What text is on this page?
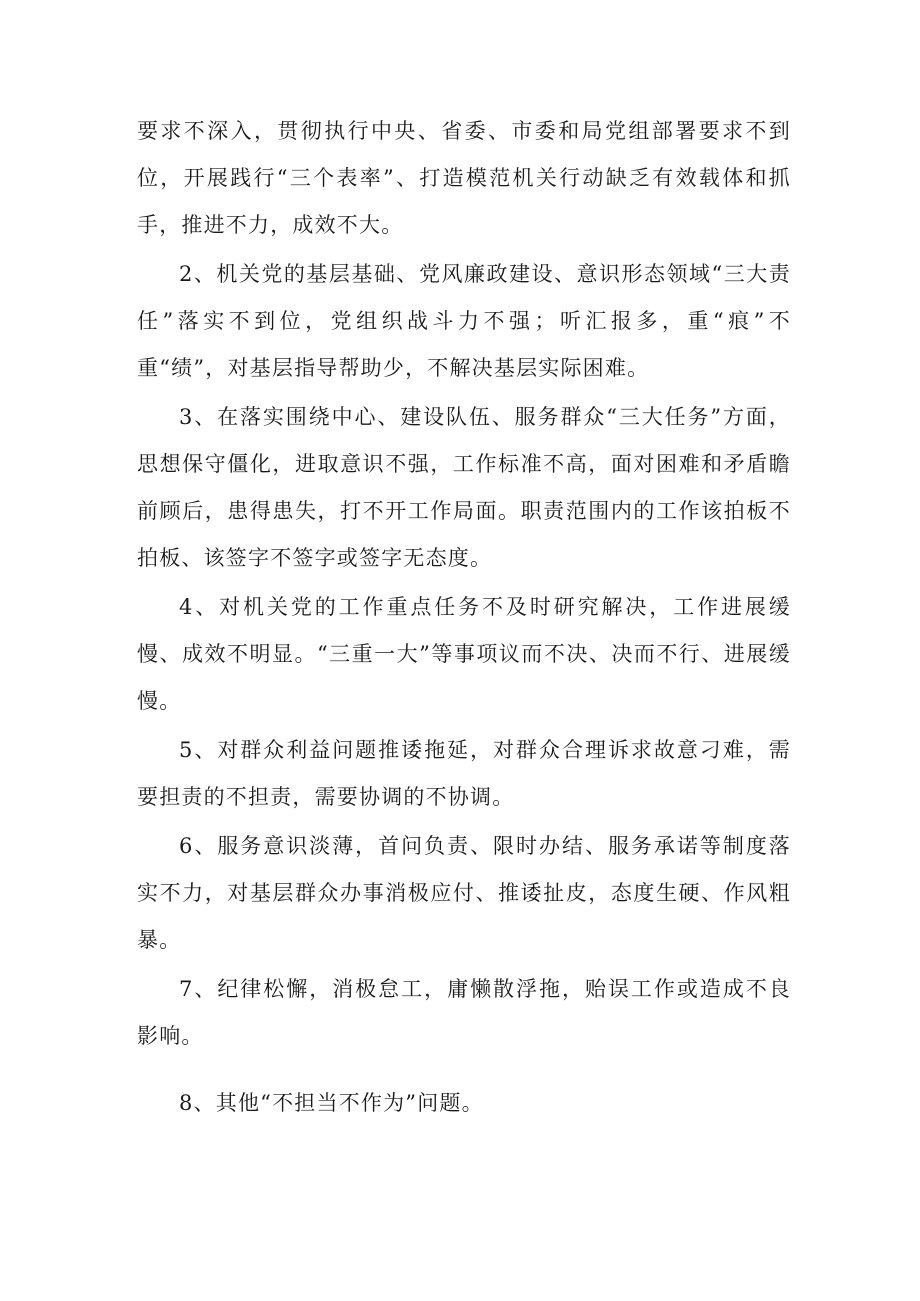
要求不深入，贯彻执行中央、省委、市委和局党组部署要求不到位，开展践行“三个表率”、打造模范机关行动缺乏有效载体和抓手，推进不力，成效不大。

2、机关党的基层基础、党风廉政建设、意识形态领域“三大责任”落实不到位，党组织战斗力不强；听汇报多，重“痕”不重“绩”，对基层指导帮助少，不解决基层实际困难。

3、在落实围绕中心、建设队伍、服务群众“三大任务”方面，思想保守僵化，进取意识不强，工作标准不高，面对困难和矛盾瞻前顾后，患得患失，打不开工作局面。职责范围内的工作该拍板不拍板、该签字不签字或签字无态度。

4、对机关党的工作重点任务不及时研究解决，工作进展缓慢、成效不明显。“三重一大”等事项议而不决、决而不行、进展缓慢。

5、对群众利益问题推诿拖延，对群众合理诉求故意刁难，需要担责的不担责，需要协调的不协调。

6、服务意识淡薄，首问负责、限时办结、服务承诺等制度落实不力，对基层群众办事消极应付、推诿扯皮，态度生硬、作风粗暴。

7、纪律松懈，消极怠工，庸懒散浮拖，贻误工作或造成不良影响。

8、其他“不担当不作为”问题。
